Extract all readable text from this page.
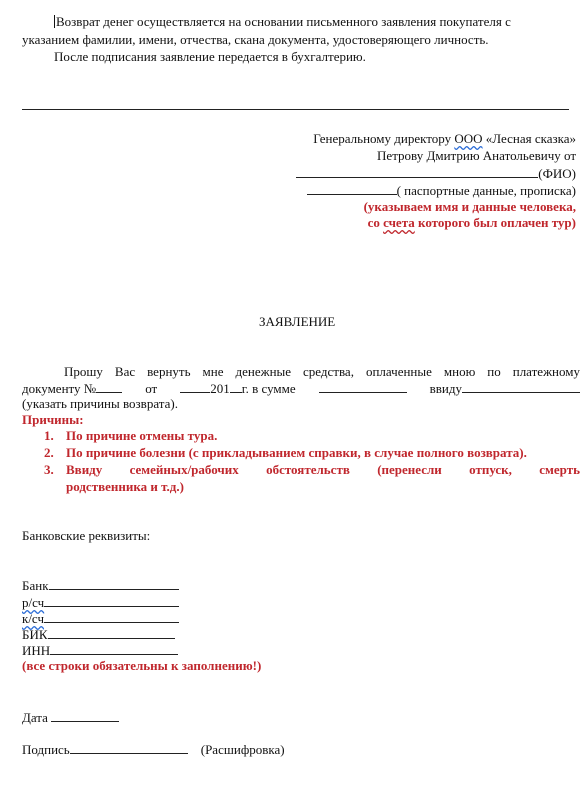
Возврат денег осуществляется на основании письменного заявления покупателя с
указанием фамилии, имени, отчества, скана документа, удостоверяющего личность.
После подписания заявление передается в бухгалтерию.
Генеральному директору ООО «Лесная сказка»
Петрову Дмитрию Анатольевичу от
(ФИО)
( паспортные данные, прописка)
(указываем имя и данные человека,
со счета которого был оплачен тур)
ЗАЯВЛЕНИЕ
Прошу Вас вернуть мне денежные средства, оплаченные мною по платежному
документу №	от	201 г. в сумме	ввиду
(указать причины возврата).
Причины:
1. По причине отмены тура.
2. По причине болезни (с прикладыванием справки, в случае полного возврата).
3. Ввиду семейных/рабочих обстоятельств (перенесли отпуск, смерть
родственника и т.д.)
Банковские реквизиты:
Банк
р/сч
к/сч
БИК
ИНН
(все строки обязательны к заполнению!)
Дата
Подпись	(Расшифровка)
